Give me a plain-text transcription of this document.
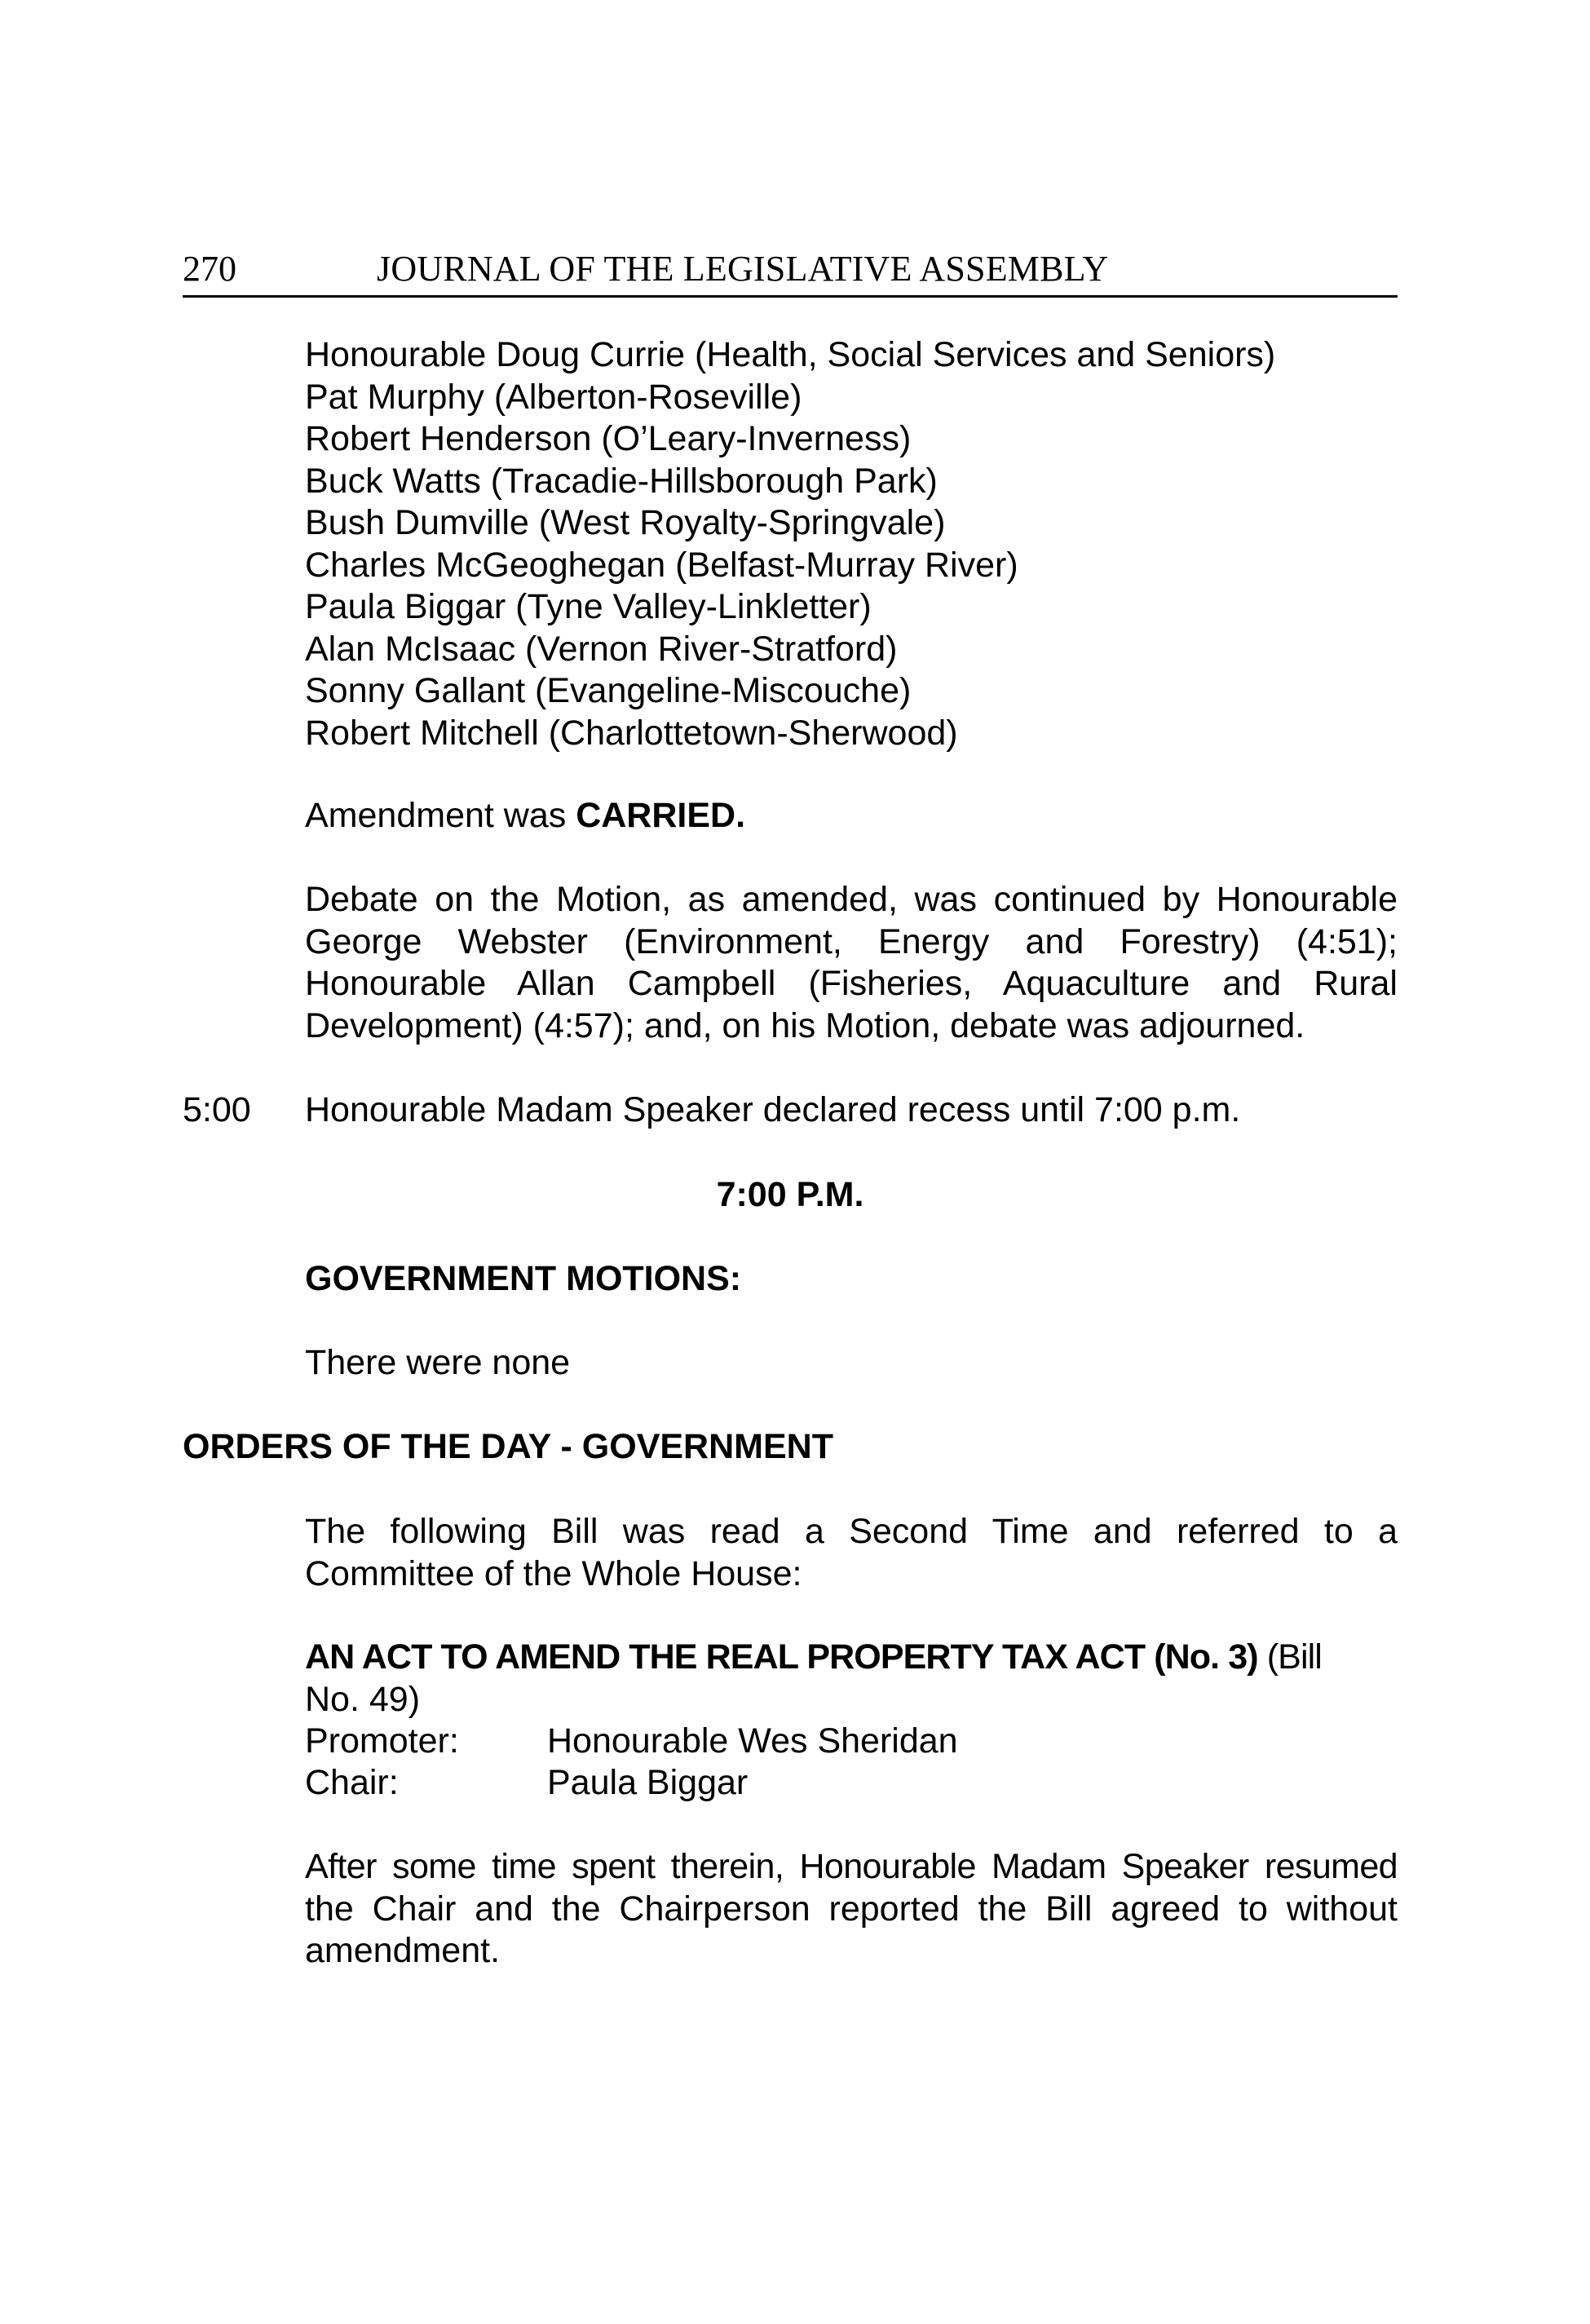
270	JOURNAL OF THE LEGISLATIVE ASSEMBLY
Honourable Doug Currie (Health, Social Services and Seniors)
Pat Murphy (Alberton-Roseville)
Robert Henderson (O’Leary-Inverness)
Buck Watts (Tracadie-Hillsborough Park)
Bush Dumville (West Royalty-Springvale)
Charles McGeoghegan (Belfast-Murray River)
Paula Biggar (Tyne Valley-Linkletter)
Alan McIsaac (Vernon River-Stratford)
Sonny Gallant (Evangeline-Miscouche)
Robert Mitchell (Charlottetown-Sherwood)
Amendment was CARRIED.
Debate on the Motion, as amended, was continued by Honourable
George Webster (Environment, Energy and Forestry) (4:51);
Honourable Allan Campbell (Fisheries, Aquaculture and Rural
Development) (4:57); and, on his Motion, debate was adjourned.
5:00 Honourable Madam Speaker declared recess until 7:00 p.m.
7:00 P.M.
GOVERNMENT MOTIONS:
There were none
ORDERS OF THE DAY - GOVERNMENT
The following Bill was read a Second Time and referred to a
Committee of the Whole House:
AN ACT TO AMEND THE REAL PROPERTY TAX ACT (No. 3) (Bill
No. 49)
Promoter:	Honourable Wes Sheridan
Chair:	Paula Biggar
After some time spent therein, Honourable Madam Speaker resumed
the Chair and the Chairperson reported the Bill agreed to without
amendment.
